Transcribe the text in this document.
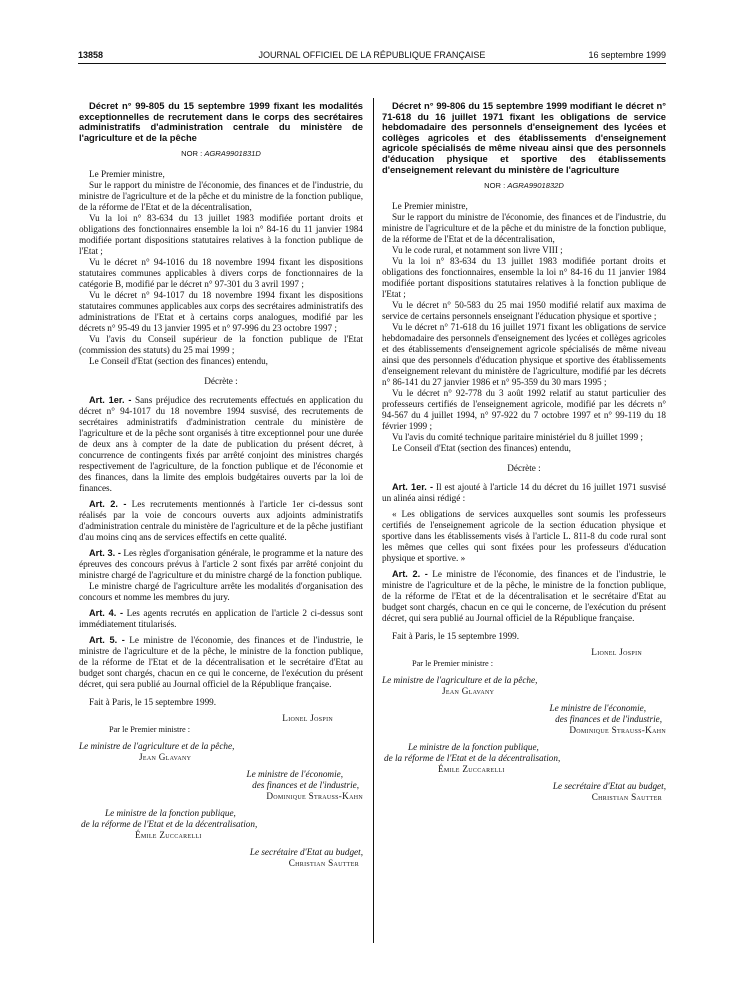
13858	JOURNAL OFFICIEL DE LA RÉPUBLIQUE FRANÇAISE	16 septembre 1999

Décret n° 99-805 du 15 septembre 1999 fixant les modalités exceptionnelles de recrutement dans le corps des secrétaires administratifs d'administration centrale du ministère de l'agriculture et de la pêche

NOR : AGRA9901831D

Le Premier ministre,

Sur le rapport du ministre de l'économie, des finances et de l'industrie, du ministre de l'agriculture et de la pêche et du ministre de la fonction publique, de la réforme de l'Etat et de la décentralisation,

Vu la loi n° 83-634 du 13 juillet 1983 modifiée portant droits et obligations des fonctionnaires ensemble la loi n° 84-16 du 11 janvier 1984 modifiée portant dispositions statutaires relatives à la fonction publique de l'Etat ;

Vu le décret n° 94-1016 du 18 novembre 1994 fixant les dispositions statutaires communes applicables à divers corps de fonctionnaires de la catégorie B, modifié par le décret n° 97-301 du 3 avril 1997 ;

Vu le décret n° 94-1017 du 18 novembre 1994 fixant les dispositions statutaires communes applicables aux corps des secrétaires administratifs des administrations de l'Etat et à certains corps analogues, modifié par les décrets n° 95-49 du 13 janvier 1995 et n° 97-996 du 23 octobre 1997 ;

Vu l'avis du Conseil supérieur de la fonction publique de l'Etat (commission des statuts) du 25 mai 1999 ;

Le Conseil d'Etat (section des finances) entendu,

Décrète :

Art. 1er. - Sans préjudice des recrutements effectués en application du décret n° 94-1017 du 18 novembre 1994 susvisé, des recrutements de secrétaires administratifs d'administration centrale du ministère de l'agriculture et de la pêche sont organisés à titre exceptionnel pour une durée de deux ans à compter de la date de publication du présent décret, à concurrence de contingents fixés par arrêté conjoint des ministres chargés respectivement de l'agriculture, de la fonction publique et de l'économie et des finances, dans la limite des emplois budgétaires ouverts par la loi de finances.

Art. 2. - Les recrutements mentionnés à l'article 1er ci-dessus sont réalisés par la voie de concours ouverts aux adjoints administratifs d'administration centrale du ministère de l'agriculture et de la pêche justifiant d'au moins cinq ans de services effectifs en cette qualité.

Art. 3. - Les règles d'organisation générale, le programme et la nature des épreuves des concours prévus à l'article 2 sont fixés par arrêté conjoint du ministre chargé de l'agriculture et du ministre chargé de la fonction publique.

Le ministre chargé de l'agriculture arrête les modalités d'organisation des concours et nomme les membres du jury.

Art. 4. - Les agents recrutés en application de l'article 2 ci-dessus sont immédiatement titularisés.

Art. 5. - Le ministre de l'économie, des finances et de l'industrie, le ministre de l'agriculture et de la pêche, le ministre de la fonction publique, de la réforme de l'Etat et de la décentralisation et le secrétaire d'Etat au budget sont chargés, chacun en ce qui le concerne, de l'exécution du présent décret, qui sera publié au Journal officiel de la République française.

Fait à Paris, le 15 septembre 1999.

Lionel Jospin

Par le Premier ministre :

Le ministre de l'agriculture et de la pêche,

Jean Glavany

Le ministre de l'économie,

des finances et de l'industrie,

Dominique Strauss-Kahn

Le ministre de la fonction publique,

de la réforme de l'Etat et de la décentralisation,

Émile Zuccarelli

Le secrétaire d'Etat au budget,

Christian Sautter

Décret n° 99-806 du 15 septembre 1999 modifiant le décret n° 71-618 du 16 juillet 1971 fixant les obligations de service hebdomadaire des personnels d'enseignement des lycées et collèges agricoles et des établissements d'enseignement agricole spécialisés de même niveau ainsi que des personnels d'éducation physique et sportive des établissements d'enseignement relevant du ministère de l'agriculture

NOR : AGRA9901832D

Le Premier ministre,

Sur le rapport du ministre de l'économie, des finances et de l'industrie, du ministre de l'agriculture et de la pêche et du ministre de la fonction publique, de la réforme de l'Etat et de la décentralisation,

Vu le code rural, et notamment son livre VIII ;

Vu la loi n° 83-634 du 13 juillet 1983 modifiée portant droits et obligations des fonctionnaires, ensemble la loi n° 84-16 du 11 janvier 1984 modifiée portant dispositions statutaires relatives à la fonction publique de l'Etat ;

Vu le décret n° 50-583 du 25 mai 1950 modifié relatif aux maxima de service de certains personnels enseignant l'éducation physique et sportive ;

Vu le décret n° 71-618 du 16 juillet 1971 fixant les obligations de service hebdomadaire des personnels d'enseignement des lycées et collèges agricoles et des établissements d'enseignement agricole spécialisés de même niveau ainsi que des personnels d'éducation physique et sportive des établissements d'enseignement relevant du ministère de l'agriculture, modifié par les décrets n° 86-141 du 27 janvier 1986 et n° 95-359 du 30 mars 1995 ;

Vu le décret n° 92-778 du 3 août 1992 relatif au statut particulier des professeurs certifiés de l'enseignement agricole, modifié par les décrets n° 94-567 du 4 juillet 1994, n° 97-922 du 7 octobre 1997 et n° 99-119 du 18 février 1999 ;

Vu l'avis du comité technique paritaire ministériel du 8 juillet 1999 ;

Le Conseil d'Etat (section des finances) entendu,

Décrète :

Art. 1er. - Il est ajouté à l'article 14 du décret du 16 juillet 1971 susvisé un alinéa ainsi rédigé :

« Les obligations de services auxquelles sont soumis les professeurs certifiés de l'enseignement agricole de la section éducation physique et sportive dans les établissements visés à l'article L. 811-8 du code rural sont les mêmes que celles qui sont fixées pour les professeurs d'éducation physique et sportive. »

Art. 2. - Le ministre de l'économie, des finances et de l'industrie, le ministre de l'agriculture et de la pêche, le ministre de la fonction publique, de la réforme de l'Etat et de la décentralisation et le secrétaire d'Etat au budget sont chargés, chacun en ce qui le concerne, de l'exécution du présent décret, qui sera publié au Journal officiel de la République française.

Fait à Paris, le 15 septembre 1999.

Lionel Jospin

Par le Premier ministre :

Le ministre de l'agriculture et de la pêche,

Jean Glavany

Le ministre de l'économie,

des finances et de l'industrie,

Dominique Strauss-Kahn

Le ministre de la fonction publique,

de la réforme de l'Etat et de la décentralisation,

Émile Zuccarelli

Le secrétaire d'Etat au budget,

Christian Sautter
